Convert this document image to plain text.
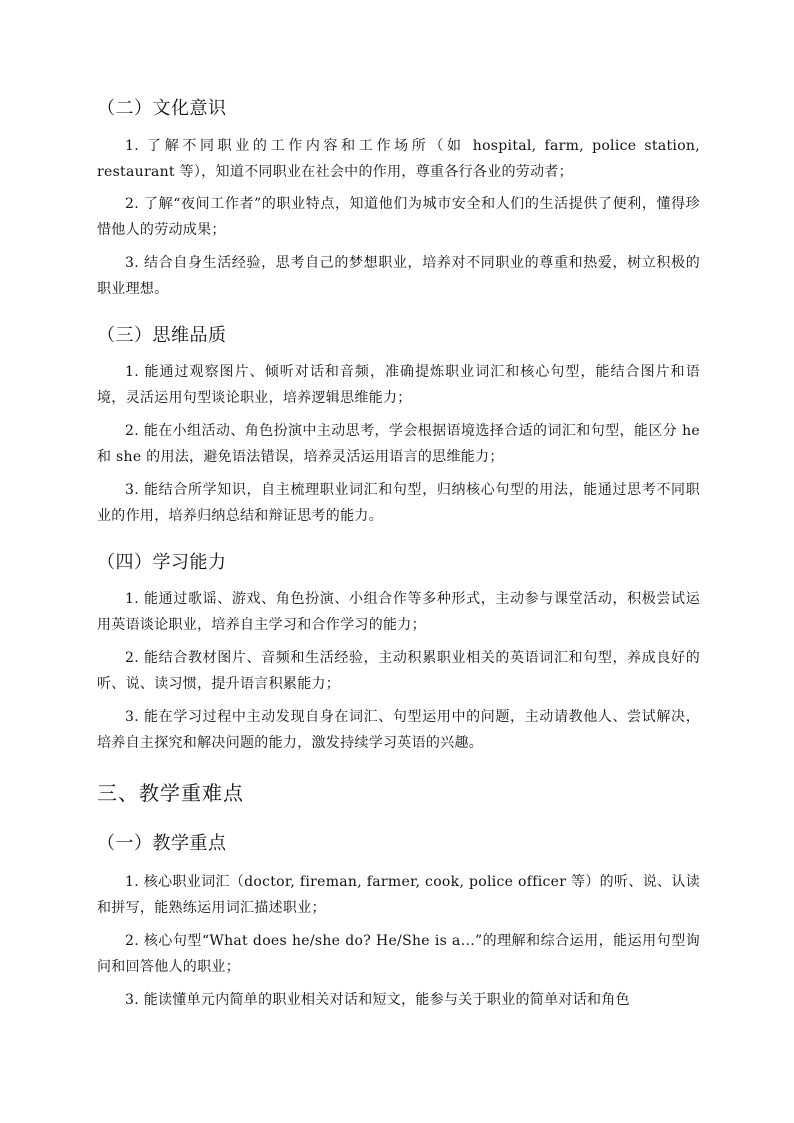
（二）文化意识

1. 了解不同职业的工作内容和工作场所（如 hospital, farm, police station, restaurant 等），知道不同职业在社会中的作用，尊重各行各业的劳动者；

2. 了解“夜间工作者”的职业特点，知道他们为城市安全和人们的生活提供了便利，懂得珍惜他人的劳动成果；

3. 结合自身生活经验，思考自己的梦想职业，培养对不同职业的尊重和热爱，树立积极的职业理想。

（三）思维品质

1. 能通过观察图片、倾听对话和音频，准确提炼职业词汇和核心句型，能结合图片和语境，灵活运用句型谈论职业，培养逻辑思维能力；

2. 能在小组活动、角色扮演中主动思考，学会根据语境选择合适的词汇和句型，能区分 he 和 she 的用法，避免语法错误，培养灵活运用语言的思维能力；

3. 能结合所学知识，自主梳理职业词汇和句型，归纳核心句型的用法，能通过思考不同职业的作用，培养归纳总结和辩证思考的能力。

（四）学习能力

1. 能通过歌谣、游戏、角色扮演、小组合作等多种形式，主动参与课堂活动，积极尝试运用英语谈论职业，培养自主学习和合作学习的能力；

2. 能结合教材图片、音频和生活经验，主动积累职业相关的英语词汇和句型，养成良好的听、说、读习惯，提升语言积累能力；

3. 能在学习过程中主动发现自身在词汇、句型运用中的问题，主动请教他人、尝试解决，培养自主探究和解决问题的能力，激发持续学习英语的兴趣。

三、教学重难点
（一）教学重点

1. 核心职业词汇（doctor, fireman, farmer, cook, police officer 等）的听、说、认读和拼写，能熟练运用词汇描述职业；

2. 核心句型“What does he/she do? He/She is a...”的理解和综合运用，能运用句型询问和回答他人的职业；

3. 能读懂单元内简单的职业相关对话和短文，能参与关于职业的简单对话和角色
